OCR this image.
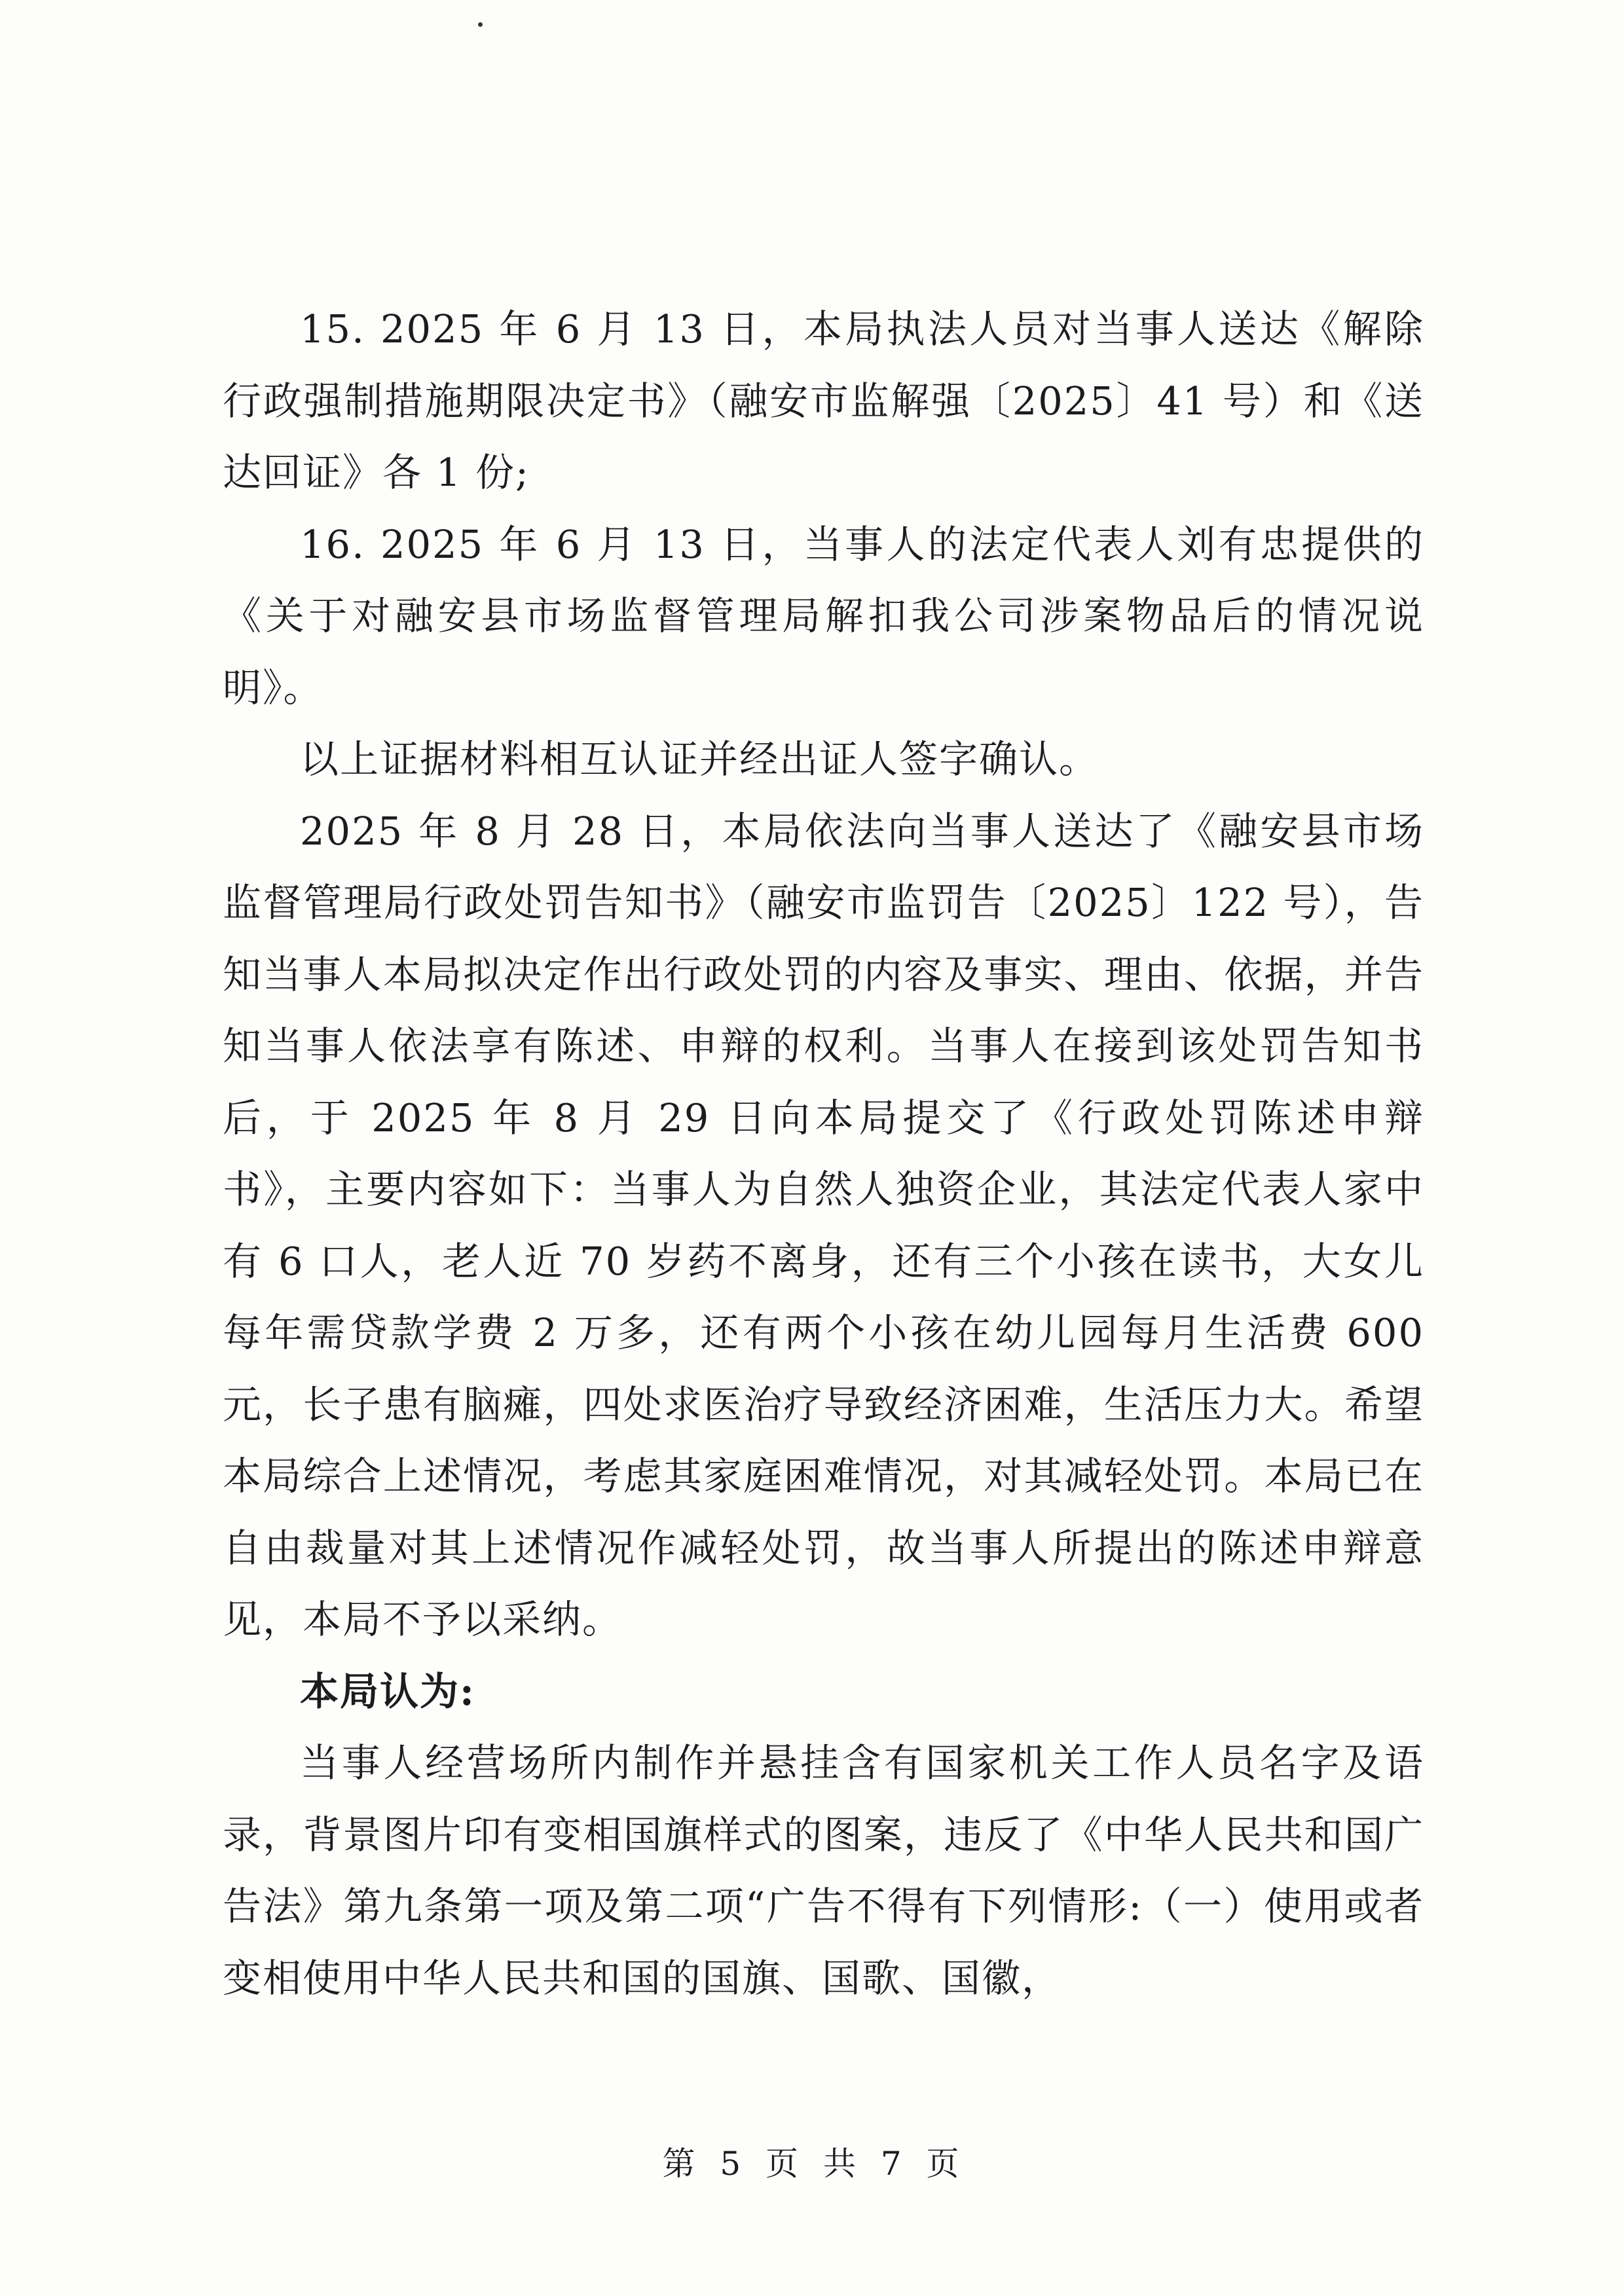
15. 2025 年 6 月 13 日，本局执法人员对当事人送达《解除行政强制措施期限决定书》（融安市监解强〔2025〕41 号）和《送达回证》各 1 份;

16. 2025 年 6 月 13 日，当事人的法定代表人刘有忠提供的《关于对融安县市场监督管理局解扣我公司涉案物品后的情况说明》。

以上证据材料相互认证并经出证人签字确认。

2025 年 8 月 28 日，本局依法向当事人送达了《融安县市场监督管理局行政处罚告知书》（融安市监罚告〔2025〕122 号），告知当事人本局拟决定作出行政处罚的内容及事实、理由、依据，并告知当事人依法享有陈述、申辩的权利。当事人在接到该处罚告知书后，于 2025 年 8 月 29 日向本局提交了《行政处罚陈述申辩书》，主要内容如下：当事人为自然人独资企业，其法定代表人家中有 6 口人，老人近 70 岁药不离身，还有三个小孩在读书，大女儿每年需贷款学费 2 万多，还有两个小孩在幼儿园每月生活费 600 元，长子患有脑瘫，四处求医治疗导致经济困难，生活压力大。希望本局综合上述情况，考虑其家庭困难情况，对其减轻处罚。本局已在自由裁量对其上述情况作减轻处罚，故当事人所提出的陈述申辩意见，本局不予以采纳。

本局认为:

当事人经营场所内制作并悬挂含有国家机关工作人员名字及语录，背景图片印有变相国旗样式的图案，违反了《中华人民共和国广告法》第九条第一项及第二项“广告不得有下列情形:（一）使用或者变相使用中华人民共和国的国旗、国歌、国徽，

第 5 页 共 7 页
